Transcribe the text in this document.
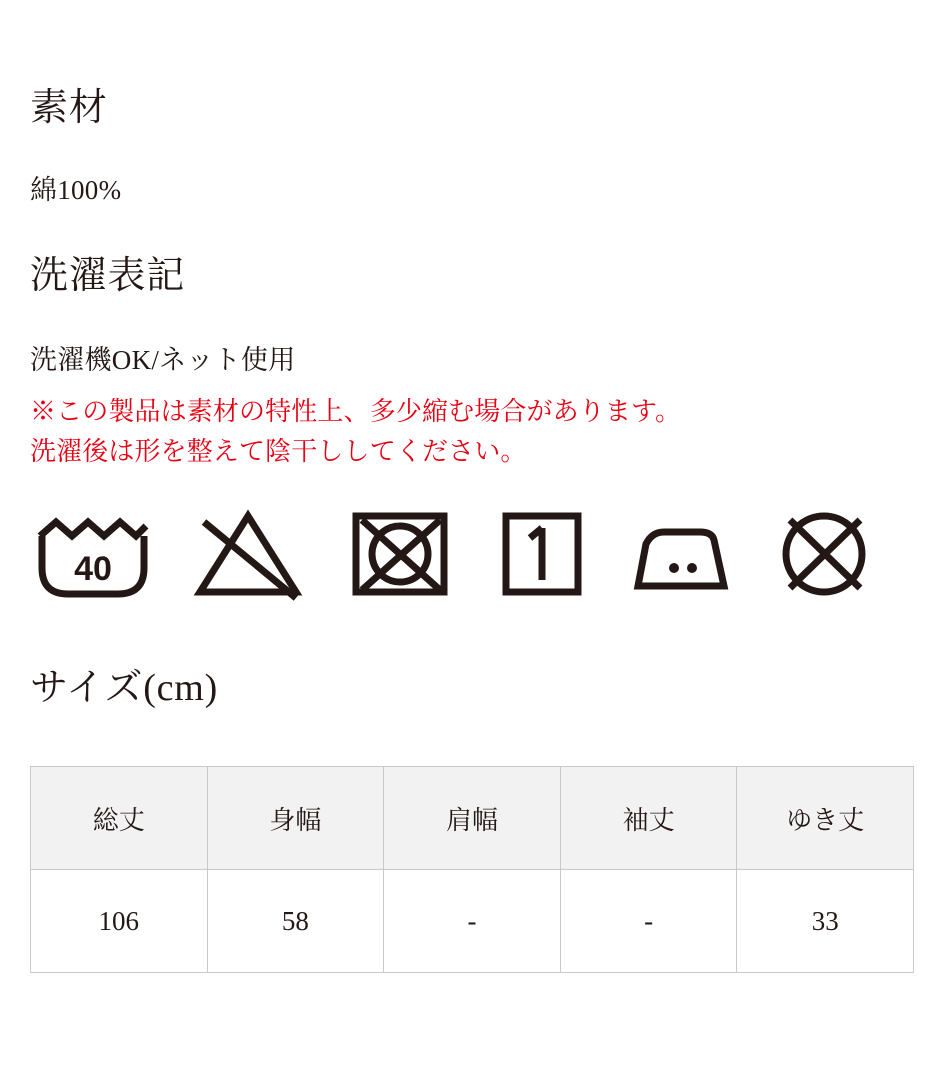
素材
綿100%
洗濯表記
洗濯機OK/ネット使用
※この製品は素材の特性上、多少縮む場合があります。
洗濯後は形を整えて陰干ししてください。
40
サイズ(cm)
総丈	身幅	肩幅	袖丈	ゆき丈
106	58	-	-	33
